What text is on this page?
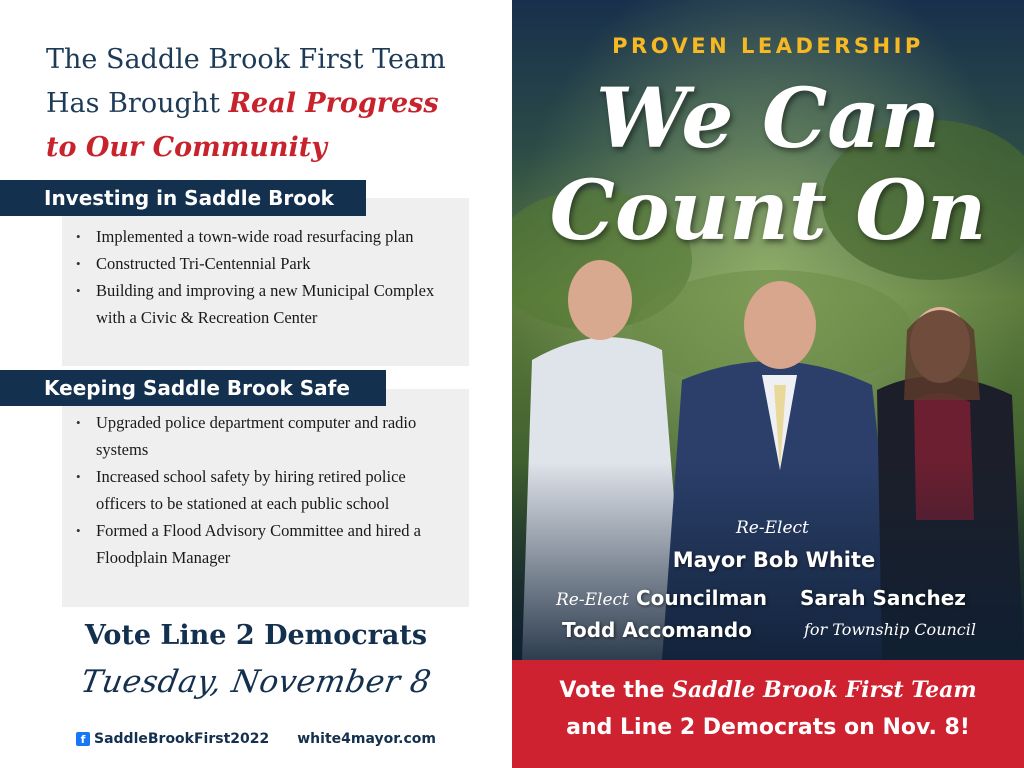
The Saddle Brook First Team
Has Brought Real Progress
to Our Community
Investing in Saddle Brook
• Implemented a town-wide road resurfacing plan
• Constructed Tri-Centennial Park
• Building and improving a new Municipal Complex with a Civic & Recreation Center
Keeping Saddle Brook Safe
• Upgraded police department computer and radio systems
• Increased school safety by hiring retired police officers to be stationed at each public school
• Formed a Flood Advisory Committee and hired a Floodplain Manager
Vote Line 2 Democrats
Tuesday, November 8
f SaddleBrookFirst2022 white4mayor.com
PROVEN LEADERSHIP
We Can
Count On
Re-Elect
Mayor Bob White
Re-Elect Councilman
Todd Accomando
Sarah Sanchez
for Township Council
Vote the Saddle Brook First Team
and Line 2 Democrats on Nov. 8!
